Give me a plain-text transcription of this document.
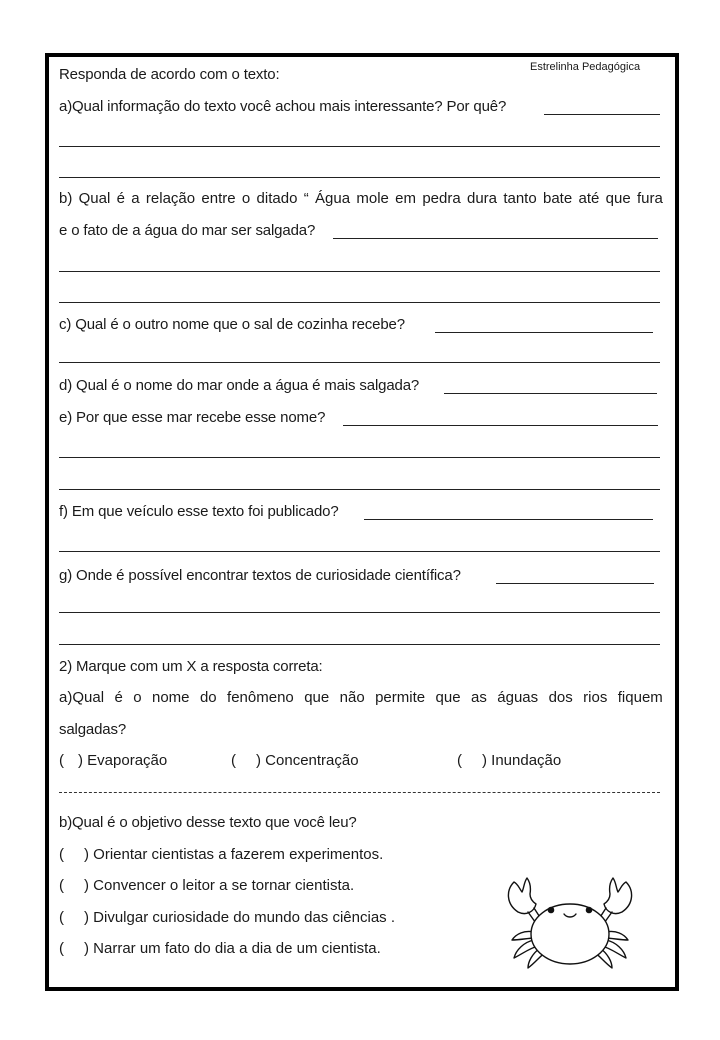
Responda de acordo com o texto:	Estrelinha Pedagógica
a)Qual informação do texto você achou mais interessante? Por quê?
b) Qual é a relação entre o ditado “ Água mole em pedra dura tanto bate até que fura
e o fato de a água do mar ser salgada?
c) Qual é o outro nome que o sal de cozinha recebe?
d) Qual é o nome do mar onde a água é mais salgada?
e) Por que esse mar recebe esse nome?
f) Em que veículo esse texto foi publicado?
g) Onde é possível encontrar textos de curiosidade científica?
2) Marque com um X a resposta correta:
a)Qual é o nome do fenômeno que não permite que as águas dos rios fiquem
salgadas?
( ) Evaporação	( ) Concentração	( ) Inundação
b)Qual é o objetivo desse texto que você leu?
( ) Orientar cientistas a fazerem experimentos.
( ) Convencer o leitor a se tornar cientista.
( ) Divulgar curiosidade do mundo das ciências .
( ) Narrar um fato do dia a dia de um cientista.
